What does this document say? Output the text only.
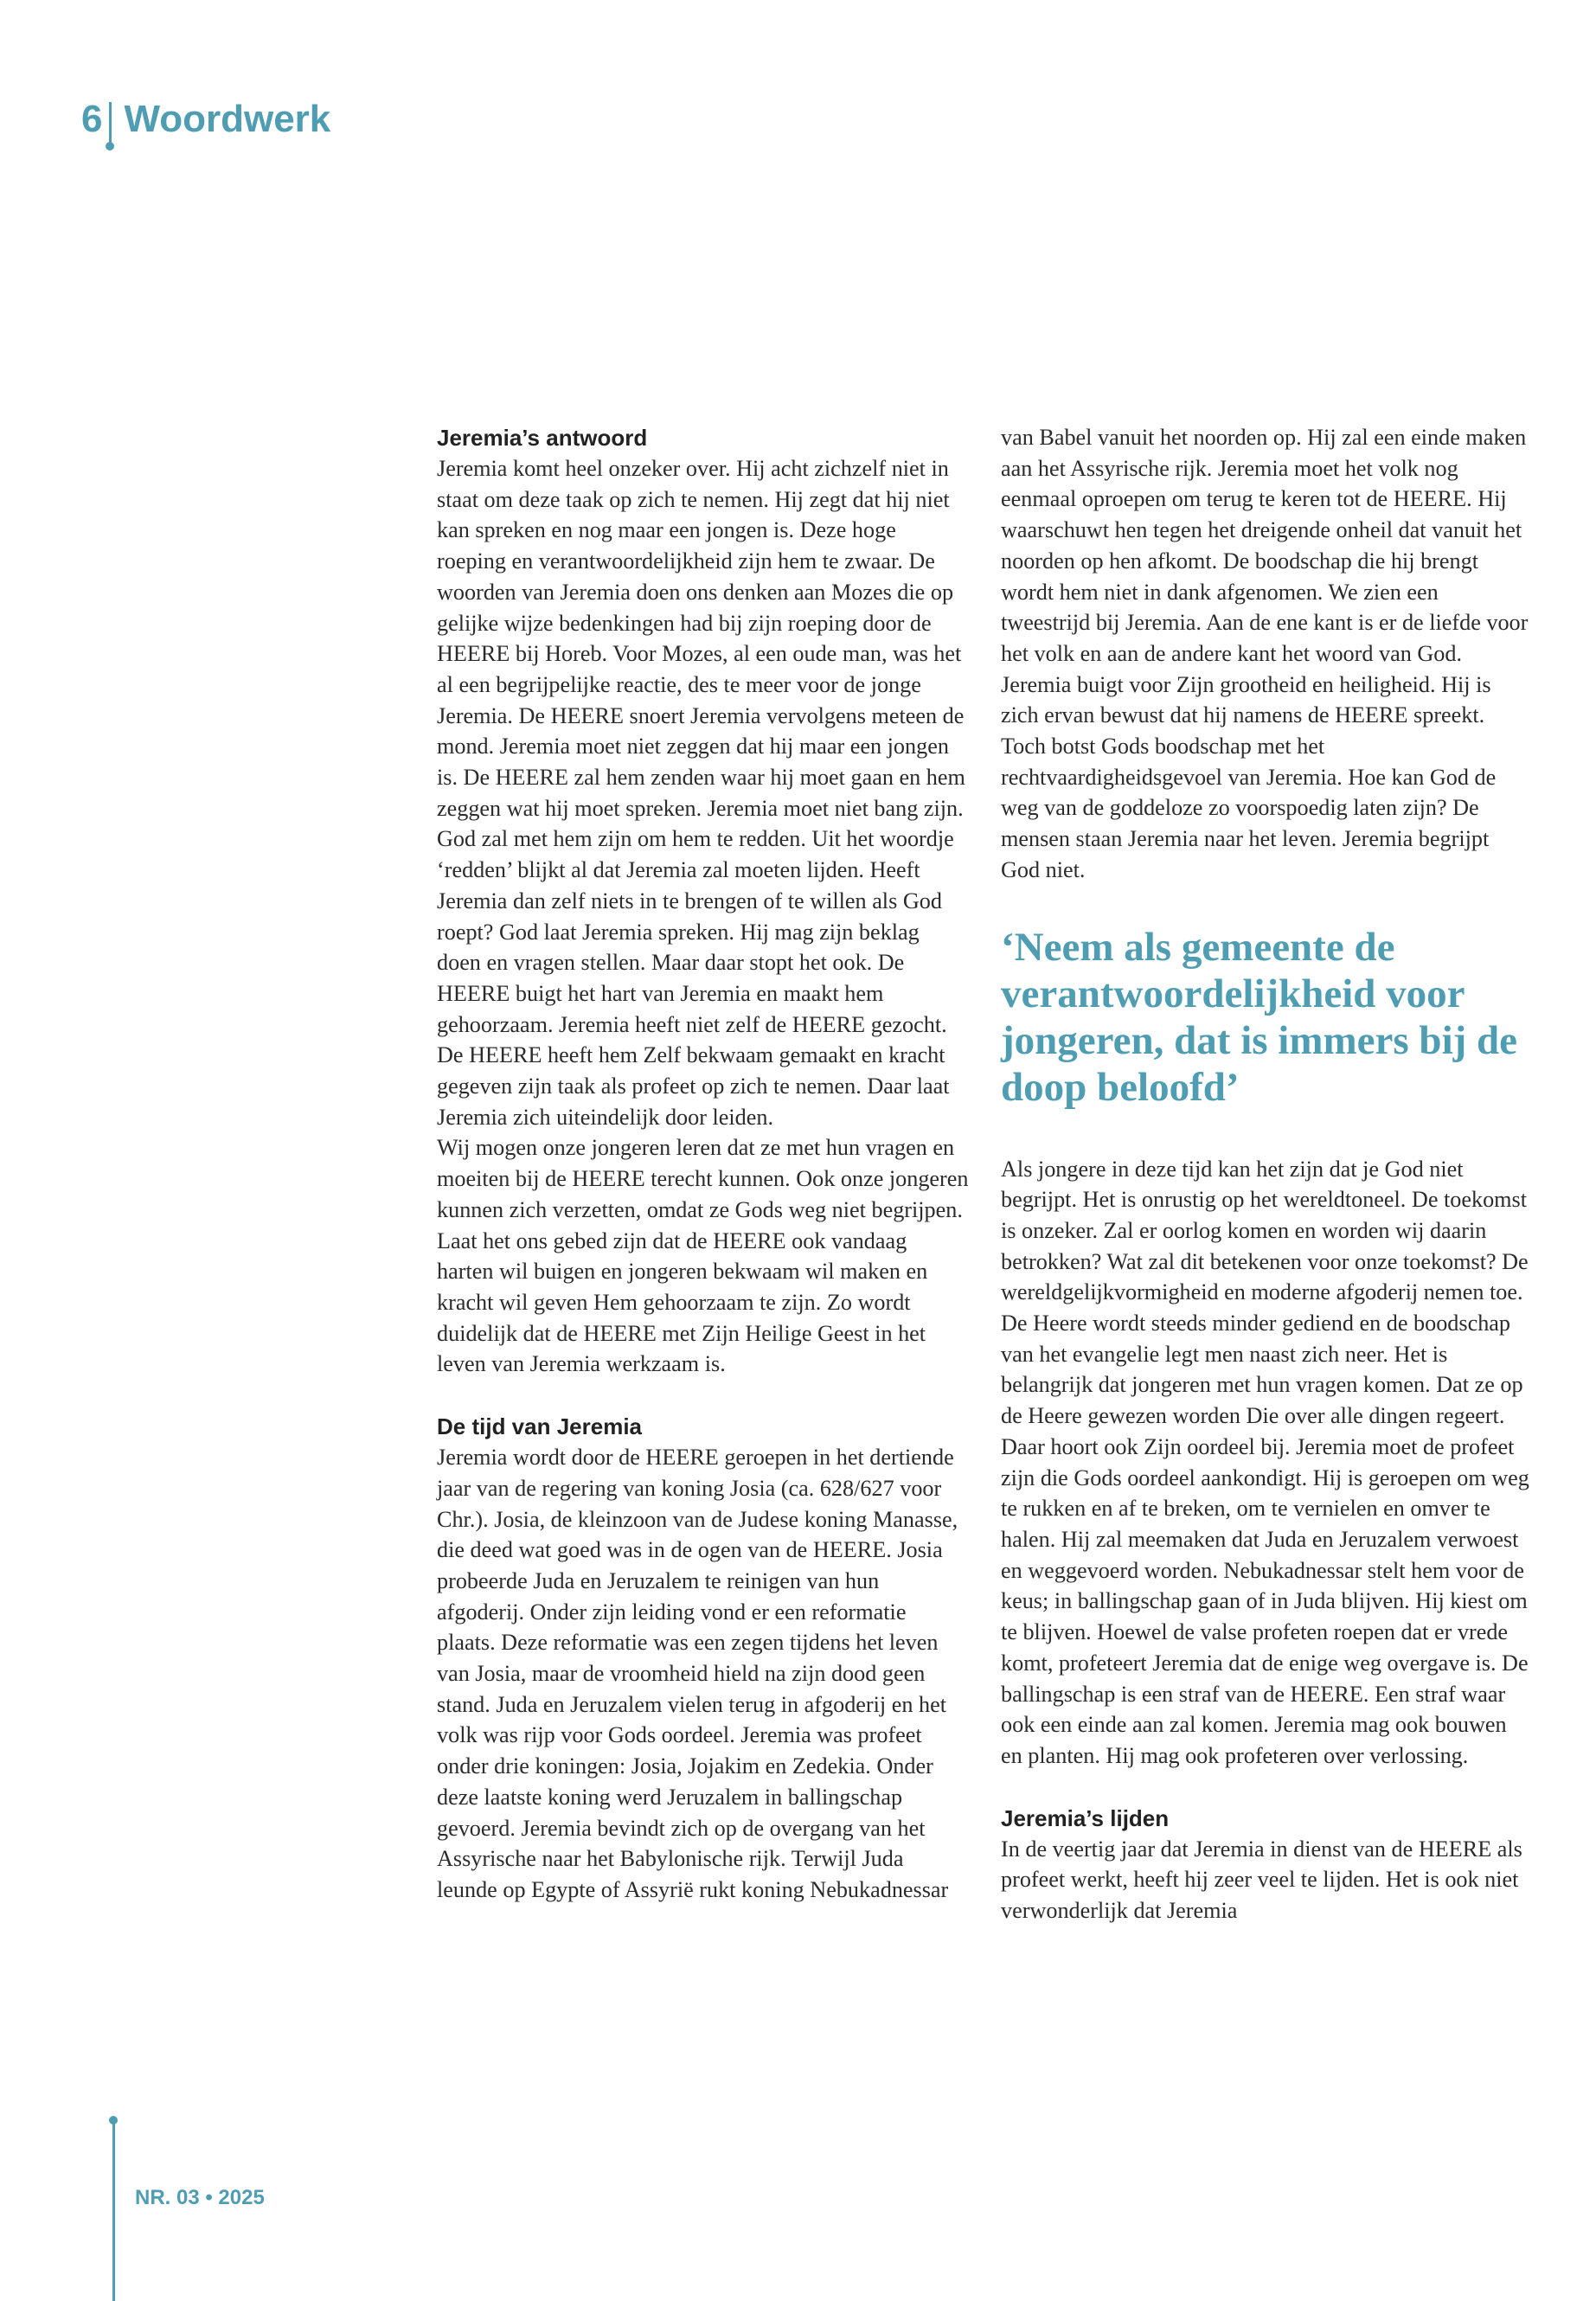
6 Woordwerk
Jeremia’s antwoord

Jeremia komt heel onzeker over. Hij acht zichzelf niet in staat om deze taak op zich te nemen. Hij zegt dat hij niet kan spreken en nog maar een jongen is. Deze hoge roeping en verantwoordelijkheid zijn hem te zwaar. De woorden van Jeremia doen ons denken aan Mozes die op gelijke wijze bedenkingen had bij zijn roeping door de HEERE bij Horeb. Voor Mozes, al een oude man, was het al een begrijpelijke reactie, des te meer voor de jonge Jeremia. De HEERE snoert Jeremia vervolgens meteen de mond. Jeremia moet niet zeggen dat hij maar een jongen is. De HEERE zal hem zenden waar hij moet gaan en hem zeggen wat hij moet spreken. Jeremia moet niet bang zijn. God zal met hem zijn om hem te redden. Uit het woordje ‘redden’ blijkt al dat Jeremia zal moeten lijden. Heeft Jeremia dan zelf niets in te brengen of te willen als God roept? God laat Jeremia spreken. Hij mag zijn beklag doen en vragen stellen. Maar daar stopt het ook. De HEERE buigt het hart van Jeremia en maakt hem gehoorzaam. Jeremia heeft niet zelf de HEERE gezocht. De HEERE heeft hem Zelf bekwaam gemaakt en kracht gegeven zijn taak als profeet op zich te nemen. Daar laat Jeremia zich uiteindelijk door leiden.

Wij mogen onze jongeren leren dat ze met hun vragen en moeiten bij de HEERE terecht kunnen. Ook onze jongeren kunnen zich verzetten, omdat ze Gods weg niet begrijpen. Laat het ons gebed zijn dat de HEERE ook vandaag harten wil buigen en jongeren bekwaam wil maken en kracht wil geven Hem gehoorzaam te zijn. Zo wordt duidelijk dat de HEERE met Zijn Heilige Geest in het leven van Jeremia werkzaam is.

De tijd van Jeremia

Jeremia wordt door de HEERE geroepen in het dertiende jaar van de regering van koning Josia (ca. 628/627 voor Chr.). Josia, de kleinzoon van de Judese koning Manasse, die deed wat goed was in de ogen van de HEERE. Josia probeerde Juda en Jeruzalem te reinigen van hun afgoderij. Onder zijn leiding vond er een reformatie plaats. Deze reformatie was een zegen tijdens het leven van Josia, maar de vroomheid hield na zijn dood geen stand. Juda en Jeruzalem vielen terug in afgoderij en het volk was rijp voor Gods oordeel. Jeremia was profeet onder drie koningen: Josia, Jojakim en Zedekia. Onder deze laatste koning werd Jeruzalem in ballingschap gevoerd. Jeremia bevindt zich op de overgang van het Assyrische naar het Babylonische rijk. Terwijl Juda leunde op Egypte of Assyrië rukt koning Nebukadnessar

van Babel vanuit het noorden op. Hij zal een einde maken aan het Assyrische rijk. Jeremia moet het volk nog eenmaal oproepen om terug te keren tot de HEERE. Hij waarschuwt hen tegen het dreigende onheil dat vanuit het noorden op hen afkomt. De boodschap die hij brengt wordt hem niet in dank afgenomen. We zien een tweestrijd bij Jeremia. Aan de ene kant is er de liefde voor het volk en aan de andere kant het woord van God. Jeremia buigt voor Zijn grootheid en heiligheid. Hij is zich ervan bewust dat hij namens de HEERE spreekt. Toch botst Gods boodschap met het rechtvaardigheidsgevoel van Jeremia. Hoe kan God de weg van de goddeloze zo voorspoedig laten zijn? De mensen staan Jeremia naar het leven. Jeremia begrijpt God niet.

‘Neem als gemeente de verantwoordelijkheid voor jongeren, dat is immers bij de doop beloofd’

Als jongere in deze tijd kan het zijn dat je God niet begrijpt. Het is onrustig op het wereldtoneel. De toekomst is onzeker. Zal er oorlog komen en worden wij daarin betrokken? Wat zal dit betekenen voor onze toekomst? De wereldgelijkvormigheid en moderne afgoderij nemen toe. De Heere wordt steeds minder gediend en de boodschap van het evangelie legt men naast zich neer. Het is belangrijk dat jongeren met hun vragen komen. Dat ze op de Heere gewezen worden Die over alle dingen regeert. Daar hoort ook Zijn oordeel bij. Jeremia moet de profeet zijn die Gods oordeel aankondigt. Hij is geroepen om weg te rukken en af te breken, om te vernielen en omver te halen. Hij zal meemaken dat Juda en Jeruzalem verwoest en weggevoerd worden. Nebukadnessar stelt hem voor de keus; in ballingschap gaan of in Juda blijven. Hij kiest om te blijven. Hoewel de valse profeten roepen dat er vrede komt, profeteert Jeremia dat de enige weg overgave is. De ballingschap is een straf van de HEERE. Een straf waar ook een einde aan zal komen. Jeremia mag ook bouwen en planten. Hij mag ook profeteren over verlossing.

Jeremia’s lijden

In de veertig jaar dat Jeremia in dienst van de HEERE als profeet werkt, heeft hij zeer veel te lijden. Het is ook niet verwonderlijk dat Jeremia

NR. 03 • 2025
